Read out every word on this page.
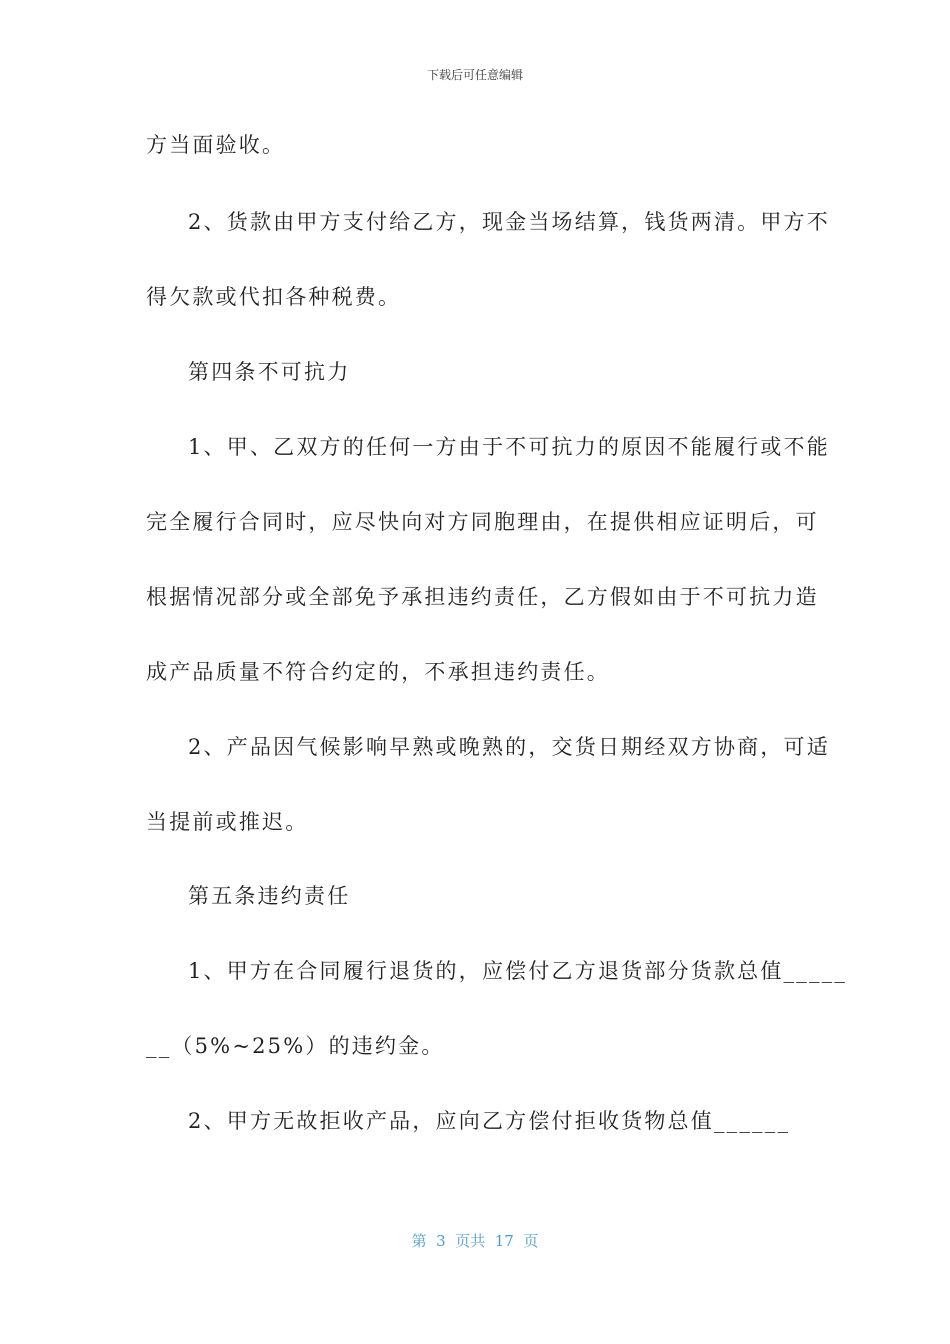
下载后可任意编辑
方当面验收。
2、货款由甲方支付给乙方，现金当场结算，钱货两清。甲方不
得欠款或代扣各种税费。
第四条不可抗力
1、甲、乙双方的任何一方由于不可抗力的原因不能履行或不能
完全履行合同时，应尽快向对方同胞理由，在提供相应证明后，可
根据情况部分或全部免予承担违约责任，乙方假如由于不可抗力造
成产品质量不符合约定的，不承担违约责任。
2、产品因气候影响早熟或晚熟的，交货日期经双方协商，可适
当提前或推迟。
第五条违约责任
1、甲方在合同履行退货的，应偿付乙方退货部分货款总值_____
__（5%~25%）的违约金。
2、甲方无故拒收产品，应向乙方偿付拒收货物总值______
第  3  页共  17  页
